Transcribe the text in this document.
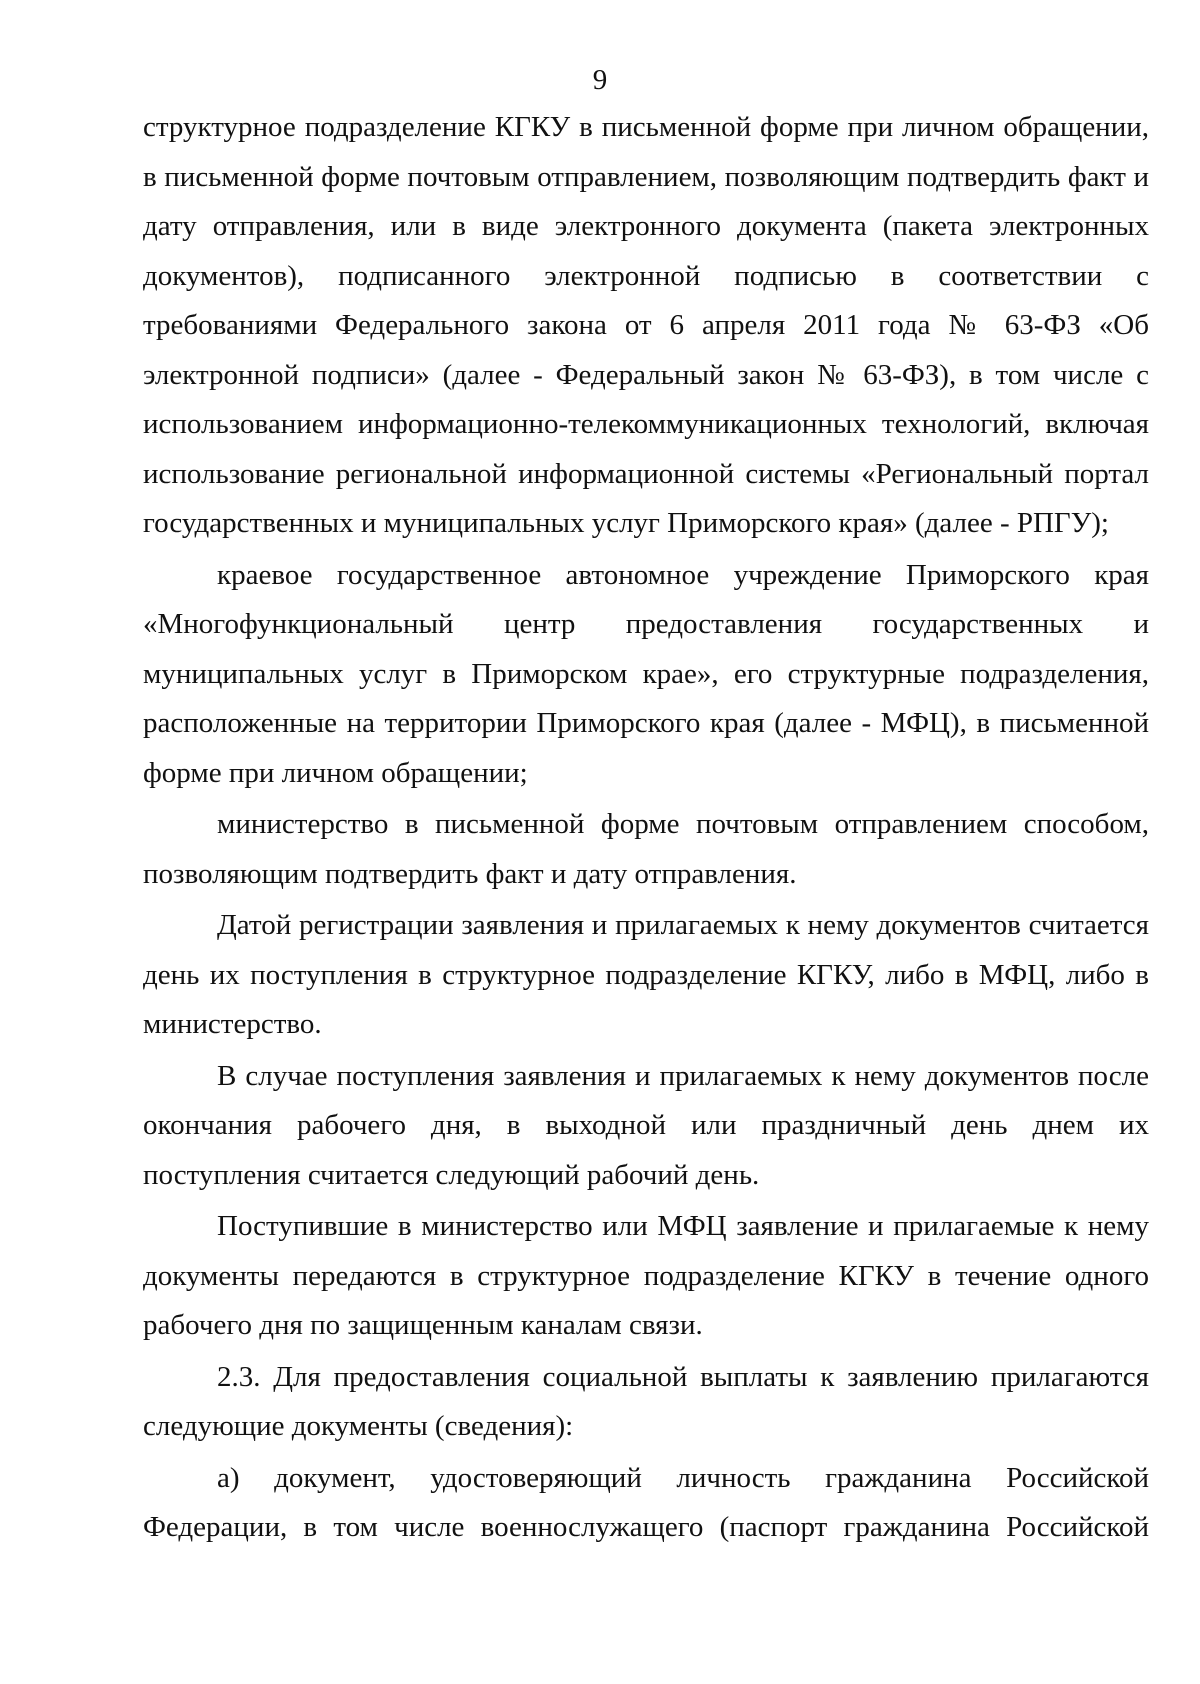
9

структурное подразделение КГКУ в письменной форме при личном обращении, в письменной форме почтовым отправлением, позволяющим подтвердить факт и дату отправления, или в виде электронного документа (пакета электронных документов), подписанного электронной подписью в соответствии с требованиями Федерального закона от 6 апреля 2011 года № 63-ФЗ «Об электронной подписи» (далее - Федеральный закон № 63-ФЗ), в том числе с использованием информационно-телекоммуникационных технологий, включая использование региональной информационной системы «Региональный портал государственных и муниципальных услуг Приморского края» (далее - РПГУ);

краевое государственное автономное учреждение Приморского края «Многофункциональный центр предоставления государственных и муниципальных услуг в Приморском крае», его структурные подразделения, расположенные на территории Приморского края (далее - МФЦ), в письменной форме при личном обращении;

министерство в письменной форме почтовым отправлением способом, позволяющим подтвердить факт и дату отправления.

Датой регистрации заявления и прилагаемых к нему документов считается день их поступления в структурное подразделение КГКУ, либо в МФЦ, либо в министерство.

В случае поступления заявления и прилагаемых к нему документов после окончания рабочего дня, в выходной или праздничный день днем их поступления считается следующий рабочий день.

Поступившие в министерство или МФЦ заявление и прилагаемые к нему документы передаются в структурное подразделение КГКУ в течение одного рабочего дня по защищенным каналам связи.

2.3. Для предоставления социальной выплаты к заявлению прилагаются следующие документы (сведения):

а) документ, удостоверяющий личность гражданина Российской Федерации, в том числе военнослужащего (паспорт гражданина Российской
